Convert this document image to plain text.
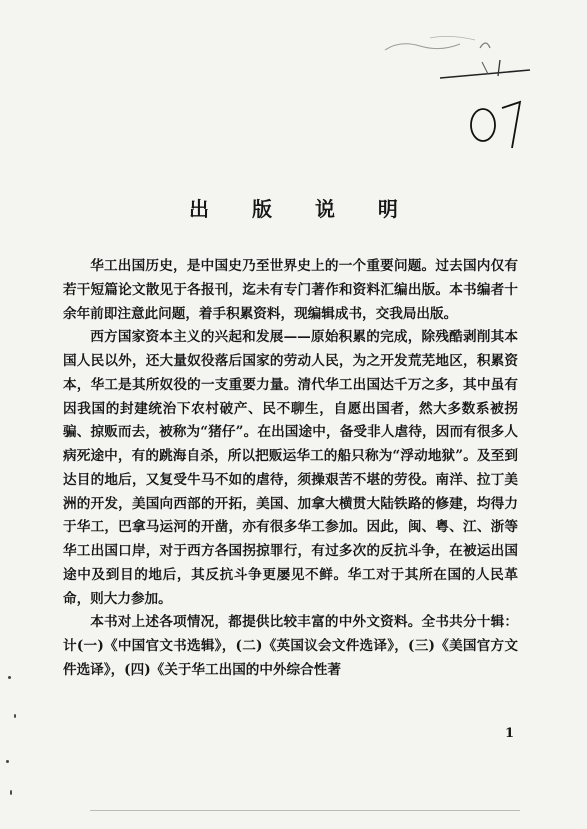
出 版 说 明

华工出国历史，是中国史乃至世界史上的一个重要问题。过去国内仅有若干短篇论文散见于各报刊，迄未有专门著作和资料汇编出版。本书编者十余年前即注意此问题，着手积累资料，现编辑成书，交我局出版。

西方国家资本主义的兴起和发展——原始积累的完成，除残酷剥削其本国人民以外，还大量奴役落后国家的劳动人民，为之开发荒芜地区，积累资本，华工是其所奴役的一支重要力量。清代华工出国达千万之多，其中虽有因我国的封建统治下农村破产、民不聊生，自愿出国者，然大多数系被拐骗、掠贩而去，被称为“猪仔”。在出国途中，备受非人虐待，因而有很多人病死途中，有的跳海自杀，所以把贩运华工的船只称为“浮动地狱”。及至到达目的地后，又复受牛马不如的虐待，须操艰苦不堪的劳役。南洋、拉丁美洲的开发，美国向西部的开拓，美国、加拿大横贯大陆铁路的修建，均得力于华工，巴拿马运河的开凿，亦有很多华工参加。因此，闽、粤、江、浙等华工出国口岸，对于西方各国拐掠罪行，有过多次的反抗斗争，在被运出国途中及到目的地后，其反抗斗争更屡见不鲜。华工对于其所在国的人民革命，则大力参加。

本书对上述各项情况，都提供比较丰富的中外文资料。全书共分十辑：计(一)《中国官文书选辑》，(二)《英国议会文件选译》，(三)《美国官方文件选译》，(四)《关于华工出国的中外综合性著

1
